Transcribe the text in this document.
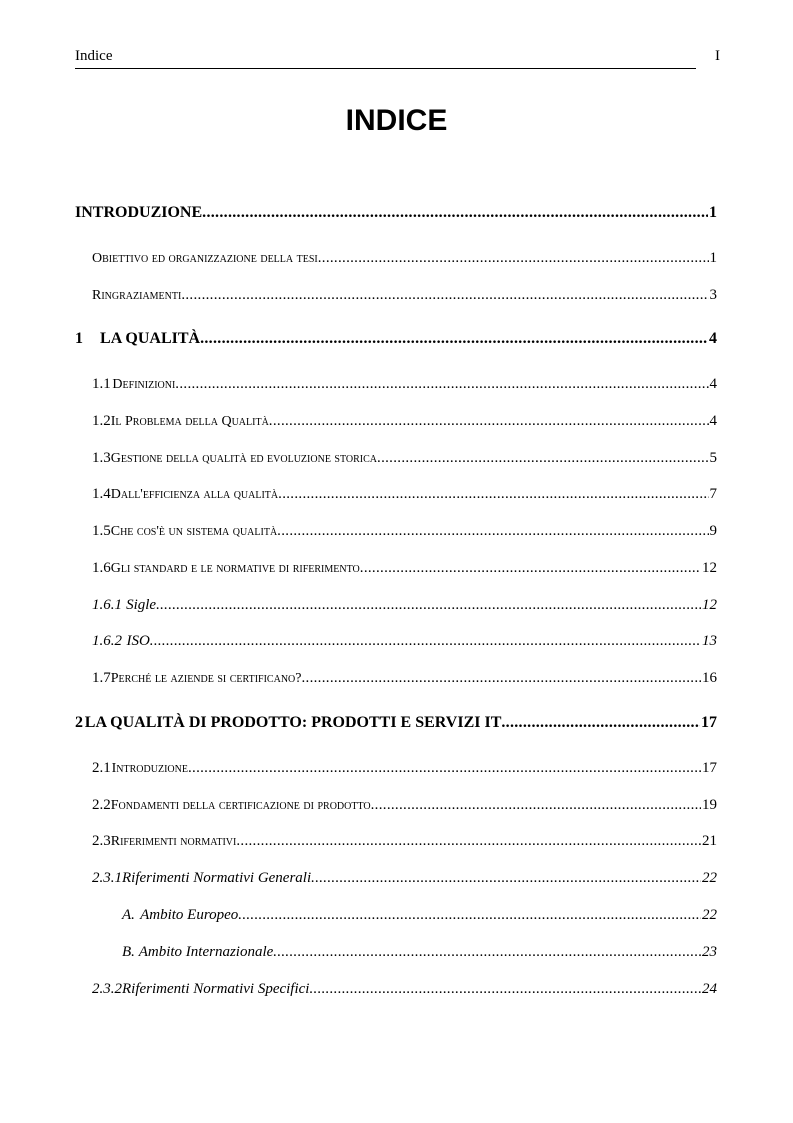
Indice	I
INDICE
INTRODUZIONE .....	1
Obiettivo ed organizzazione della tesi .....	1
Ringraziamenti .....	3
1	LA QUALITÀ .....	4
1.1 Definizioni .....	4
1.2 Il Problema della Qualità .....	4
1.3 Gestione della qualità ed evoluzione storica .....	5
1.4 Dall'efficienza alla qualità .....	7
1.5 Che cos'è un sistema qualità .....	9
1.6 Gli standard e le normative di riferimento .....	12
1.6.1 Sigle .....	12
1.6.2 ISO .....	13
1.7 Perché le aziende si certificano? .....	16
2 LA QUALITÀ DI PRODOTTO: PRODOTTI E SERVIZI IT .....	17
2.1 Introduzione .....	17
2.2 Fondamenti della certificazione di prodotto .....	19
2.3 Riferimenti normativi .....	21
2.3.1 Riferimenti Normativi Generali .....	22
A. Ambito Europeo .....	22
B. Ambito Internazionale .....	23
2.3.2 Riferimenti Normativi Specifici .....	24
